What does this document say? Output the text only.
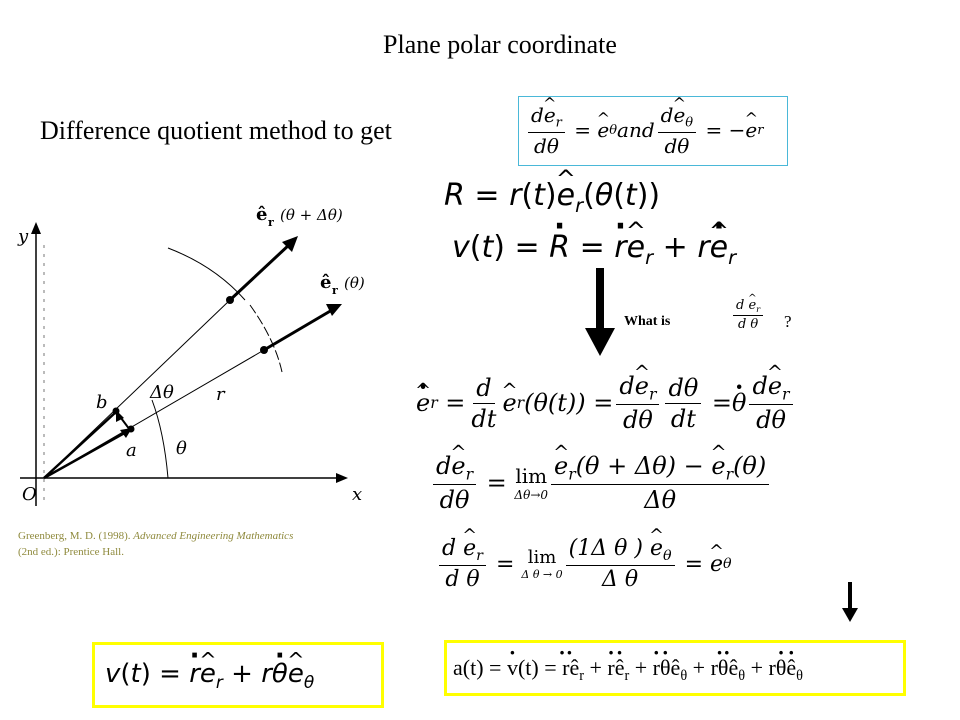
Plane polar coordinate
Difference quotient method to get	$\frac{d\^{} e_r}{d\theta}$ = ^ e θ and $\frac{d\^{} e_\theta}{d\theta}$ = − ^ e r
R = r(t)^ $e_r(\theta(t))$
v(t) = · R = · r^ $e_r + r\cdot$ ^ $e_r$
What is	$\frac{d \^{} e_r}{\text{d θ}}$ ?
· ^ e $r = \frac{d}{dt}$ ^ e r $(\theta(t)) = \frac{d\^{} e_r}{d\theta} \frac{d\theta}{dt}$ = · θ $\frac{d\^{} e_r}{d\theta}$
$\frac{d\^{} e_r}{d\theta} = \lim$
Δθ→0 ^ $\frac{e_r(\theta + \Delta\theta) - \^{} e_r(\theta)}{\Delta\theta}$
$\frac{d \^{} e_r}{\text{d θ}} = \lim$
Δ $\theta \to 0 \frac{(1\Delta \theta ) \^{} e_\theta}{\text{Δ θ}}$ = ^ e θ
v(t) = · r^ $e_r + r\cdot$ θ^ $e_\theta$
a(t) = · v(t) = ·· $rê_r$ + · $r\cdot ê_r$ + · $r\cdot \theta ê_\theta + r\cdot\cdot$ $\theta ê_\theta + r\cdot \theta\cdot$ $ê_\theta$
Greenberg, M. D. (1998). Advanced Engineering Mathematics
(2nd ed.): Prentice Hall.
y
x
O
r
θ
Δθ
a
b
ê r (θ + Δθ)
ê r (θ)
